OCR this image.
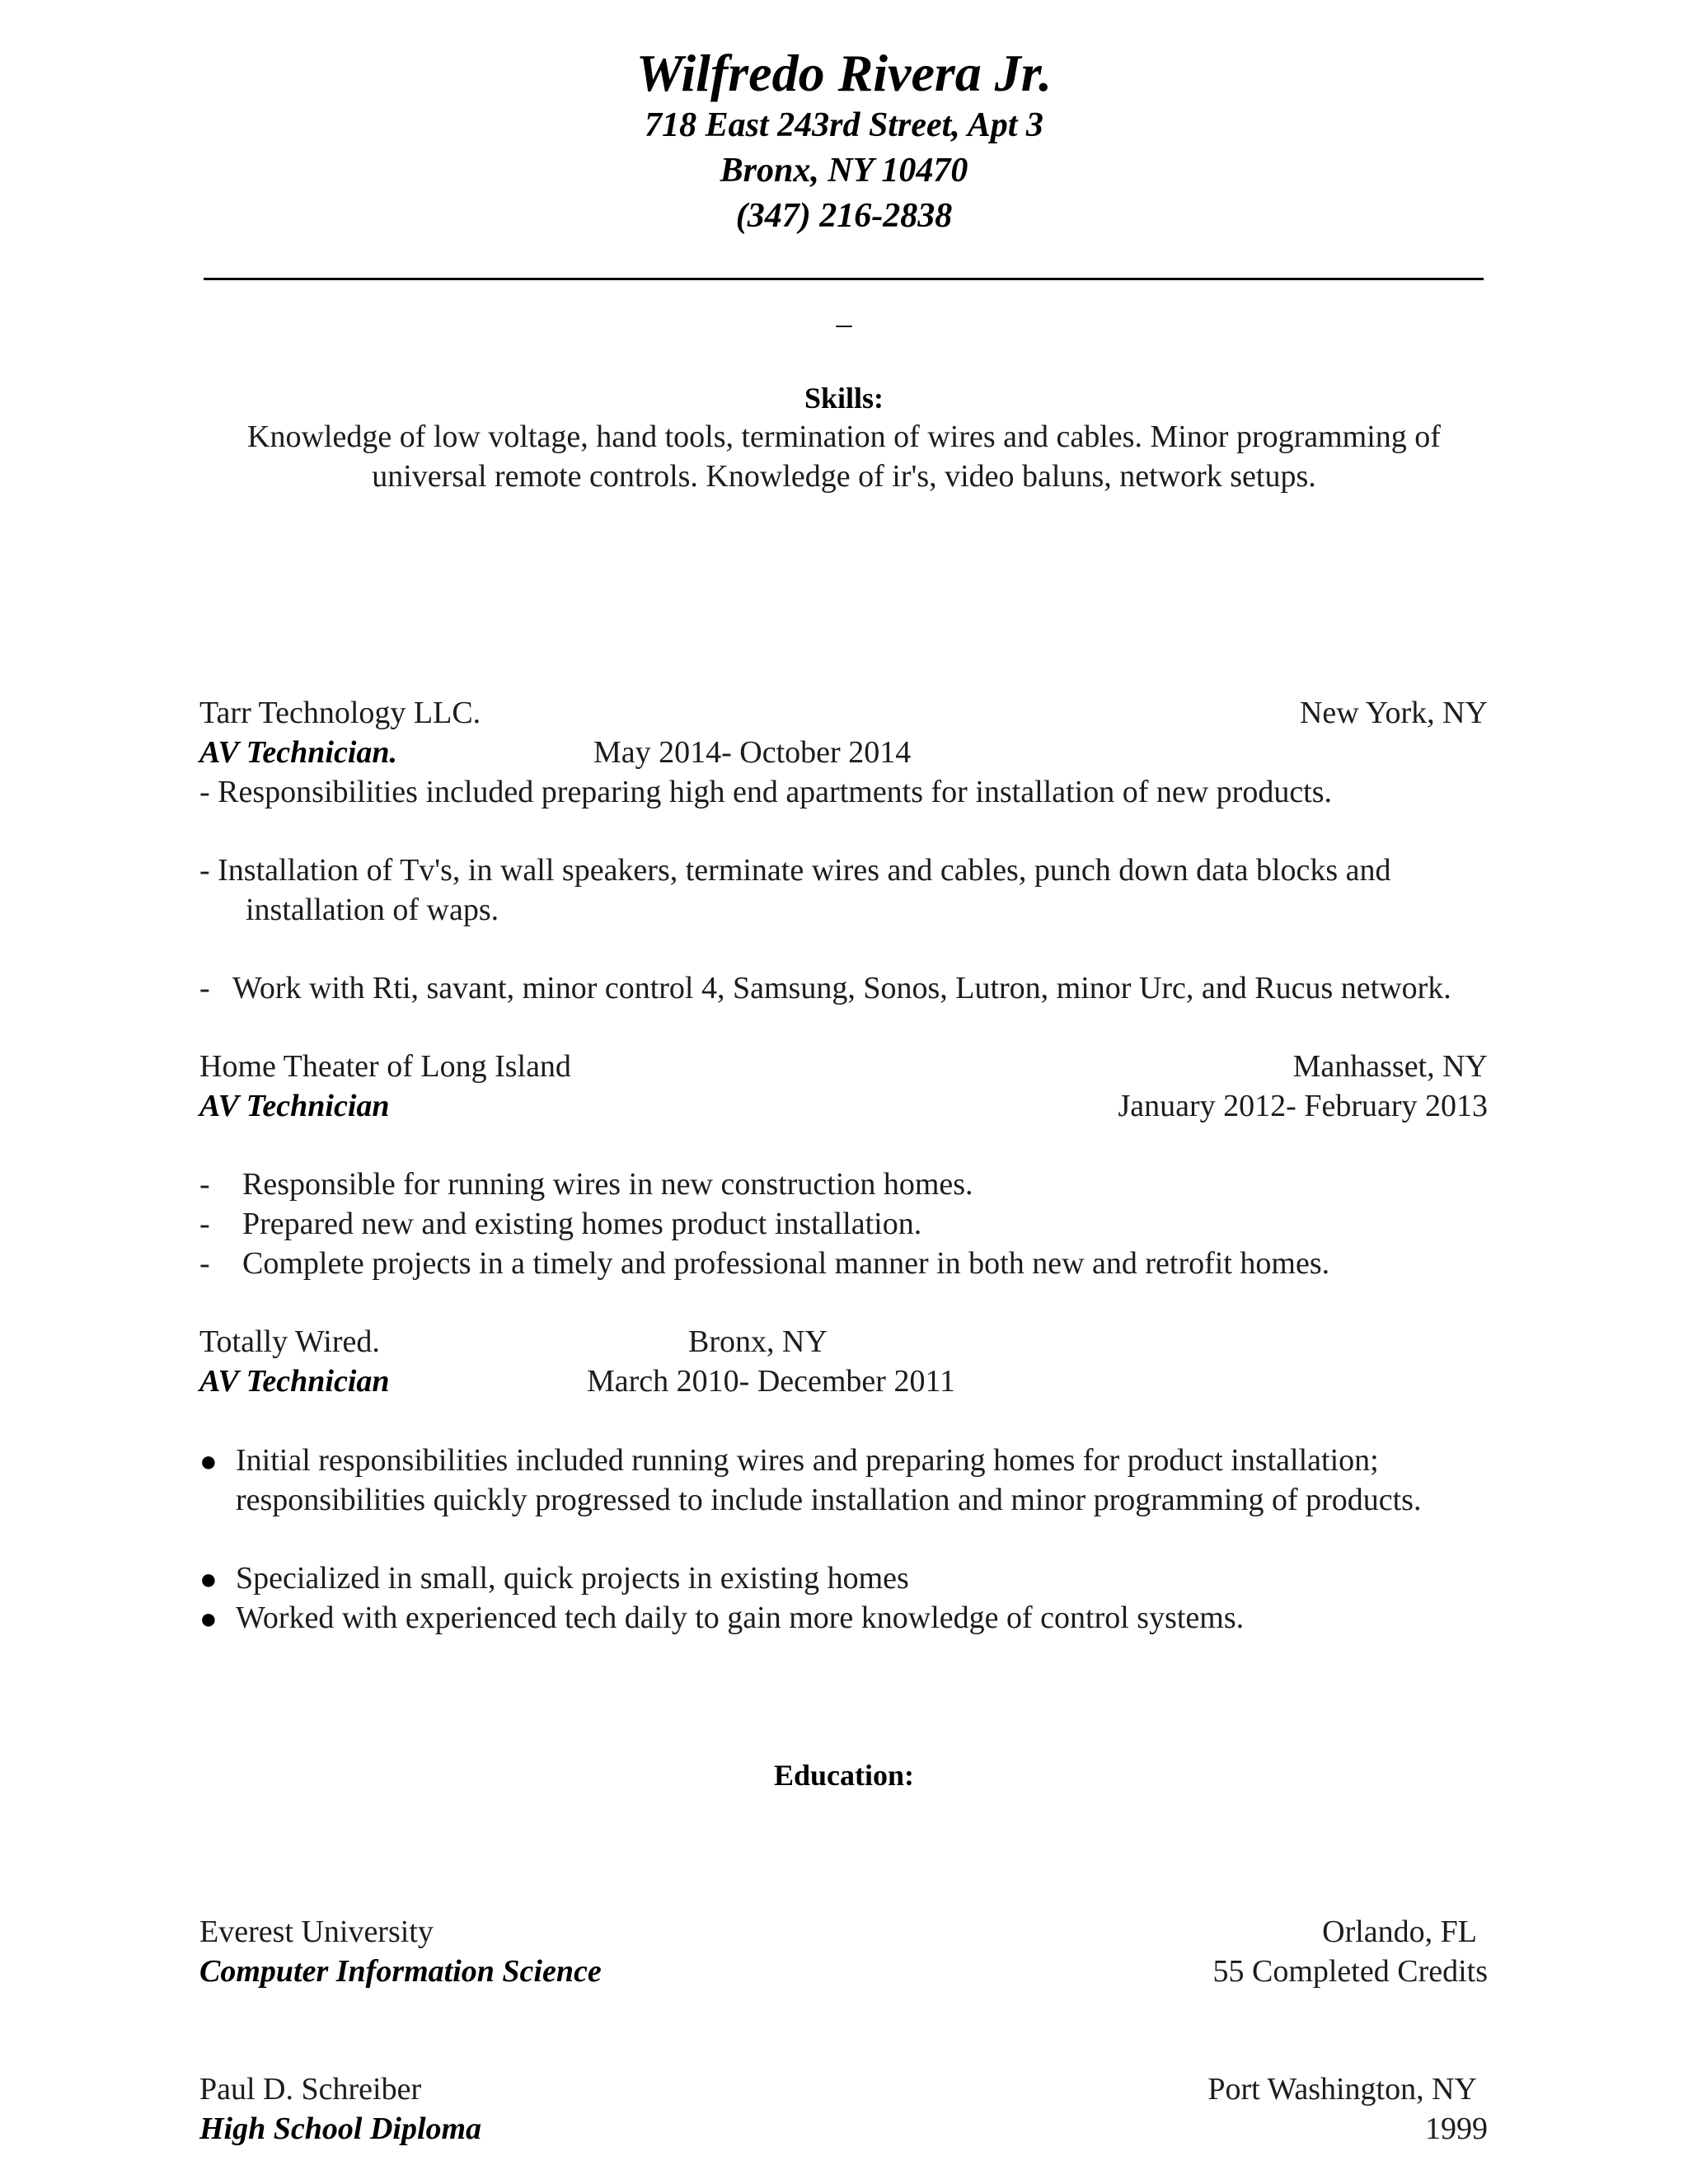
Wilfredo Rivera Jr.
718 East 243rd Street, Apt 3
Bronx, NY 10470
(347) 216-2838
_
Skills:
Knowledge of low voltage, hand tools, termination of wires and cables. Minor programming of
universal remote controls. Knowledge of ir's, video baluns, network setups.
Tarr Technology LLC.	New York, NY
AV Technician.	May 2014- October 2014
- Responsibilities included preparing high end apartments for installation of new products.
- Installation of Tv's, in wall speakers, terminate wires and cables, punch down data blocks and
installation of waps.
- Work with Rti, savant, minor control 4, Samsung, Sonos, Lutron, minor Urc, and Rucus network.
Home Theater of Long Island	Manhasset, NY
AV Technician	January 2012- February 2013
- Responsible for running wires in new construction homes.
- Prepared new and existing homes product installation.
- Complete projects in a timely and professional manner in both new and retrofit homes.
Totally Wired.	Bronx, NY
AV Technician	March 2010- December 2011
● Initial responsibilities included running wires and preparing homes for product installation;
responsibilities quickly progressed to include installation and minor programming of products.
● Specialized in small, quick projects in existing homes
● Worked with experienced tech daily to gain more knowledge of control systems.
Education:
Everest University	Orlando, FL
Computer Information Science	55 Completed Credits
Paul D. Schreiber	Port Washington, NY
High School Diploma	1999
